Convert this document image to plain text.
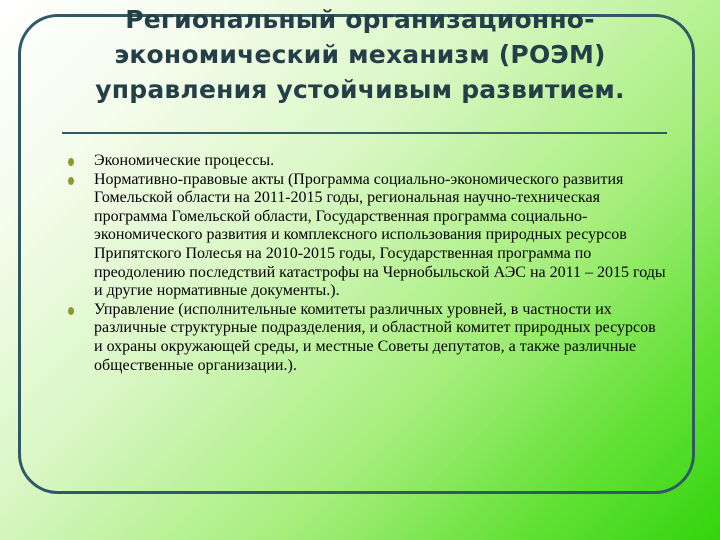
Региональный организационно-экономический механизм (РОЭМ) управления устойчивым развитием.
Экономические процессы.
Нормативно-правовые акты (Программа социально-экономического развития Гомельской области на 2011-2015 годы, региональная научно-техническая программа Гомельской области, Государственная программа социально-экономического развития и комплексного использования природных ресурсов Припятского Полесья на 2010-2015 годы, Государственная программа по преодолению последствий катастрофы на Чернобыльской АЭС на 2011 – 2015 годы и другие нормативные документы.).
Управление (исполнительные комитеты различных уровней, в частности их различные структурные подразделения, и областной комитет природных ресурсов и охраны окружающей среды, и местные Советы депутатов, а также различные общественные организации.).
